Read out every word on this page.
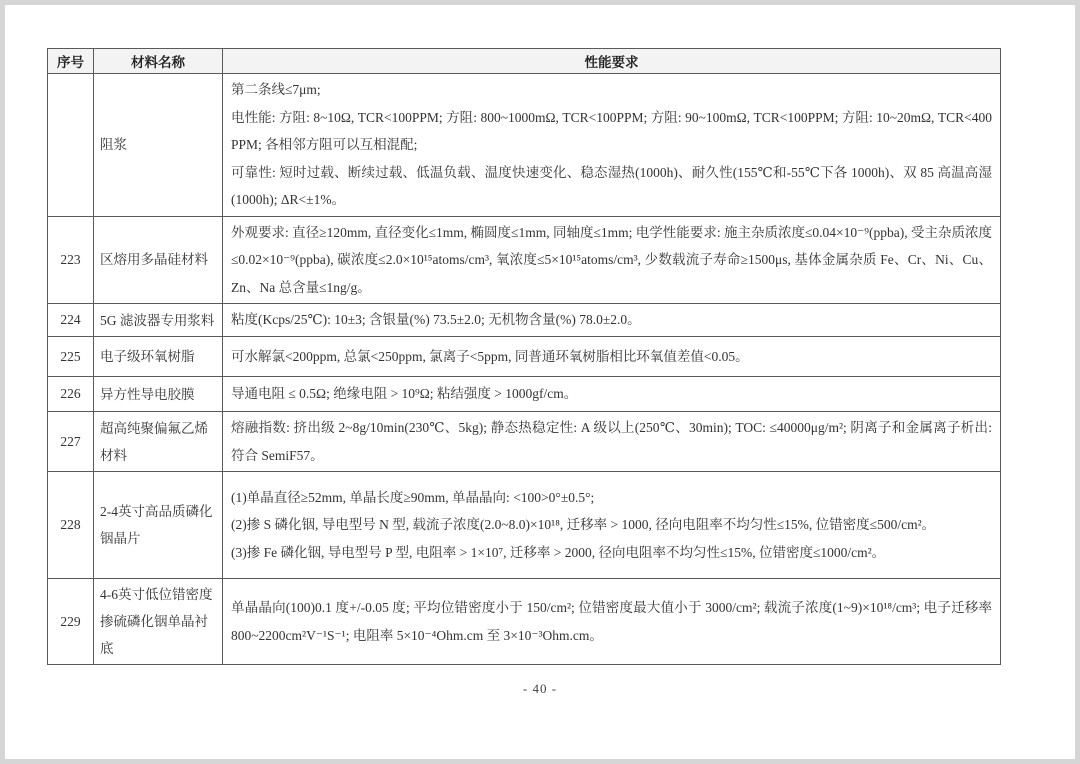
序号	材料名称	性能要求
	阻浆	第二条线≤7μm;
电性能: 方阻: 8~10Ω, TCR<100PPM; 方阻: 800~1000mΩ, TCR<100PPM; 方阻: 90~100mΩ, TCR<100PPM; 方阻: 10~20mΩ, TCR<400PPM; 各相邻方阻可以互相混配;
可靠性: 短时过载、断续过载、低温负载、温度快速变化、稳态湿热(1000h)、耐久性(155℃和-55℃下各 1000h)、双 85 高温高湿(1000h); ΔR<±1%。

223	区熔用多晶硅材料	外观要求: 直径≥120mm, 直径变化≤1mm, 椭圆度≤1mm, 同轴度≤1mm; 电学性能要求: 施主杂质浓度≤0.04×10⁻⁹(ppba), 受主杂质浓度≤0.02×10⁻⁹(ppba), 碳浓度≤2.0×10¹⁵atoms/cm³, 氧浓度≤5×10¹⁵atoms/cm³, 少数载流子寿命≥1500μs, 基体金属杂质 Fe、Cr、Ni、Cu、Zn、Na 总含量≤1ng/g。

224	5G 滤波器专用浆料	粘度(Kcps/25℃): 10±3; 含银量(%) 73.5±2.0; 无机物含量(%) 78.0±2.0。

225	电子级环氧树脂	可水解氯<200ppm, 总氯<250ppm, 氯离子<5ppm, 同普通环氧树脂相比环氧值差值<0.05。

226	异方性导电胶膜	导通电阻 ≤ 0.5Ω; 绝缘电阻 > 10⁹Ω; 粘结强度 > 1000gf/cm。

227	超高纯聚偏氟乙烯材料	熔融指数: 挤出级 2~8g/10min(230℃、5kg); 静态热稳定性: A 级以上(250℃、30min); TOC: ≤40000μg/m²; 阴离子和金属离子析出: 符合 SemiF57。

228	2-4英寸高品质磷化铟晶片	(1)单晶直径≥52mm, 单晶长度≥90mm, 单晶晶向: <100>0°±0.5°;
(2)掺 S 磷化铟, 导电型号 N 型, 载流子浓度(2.0~8.0)×10¹⁸, 迁移率 > 1000, 径向电阻率不均匀性≤15%, 位错密度≤500/cm²。
(3)掺 Fe 磷化铟, 导电型号 P 型, 电阻率 > 1×10⁷, 迁移率 > 2000, 径向电阻率不均匀性≤15%, 位错密度≤1000/cm²。

229	4-6英寸低位错密度掺硫磷化铟单晶衬底	单晶晶向(100)0.1 度+/-0.05 度; 平均位错密度小于 150/cm²; 位错密度最大值小于 3000/cm²; 载流子浓度(1~9)×10¹⁸/cm³; 电子迁移率 800~2200cm²V⁻¹S⁻¹; 电阻率 5×10⁻⁴Ohm.cm 至 3×10⁻³Ohm.cm。
- 40 -
